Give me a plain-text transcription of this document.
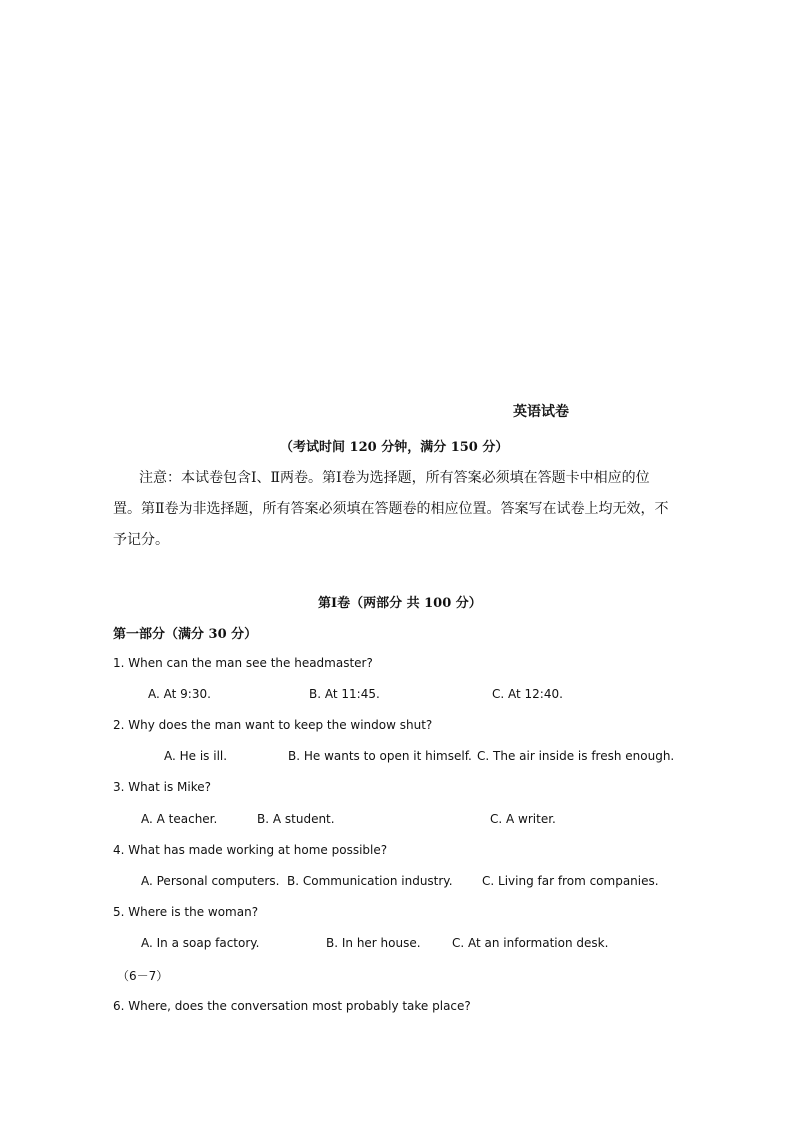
英语试卷
（考试时间 120 分钟，满分 150 分）
注意：本试卷包含Ⅰ、Ⅱ两卷。第Ⅰ卷为选择题，所有答案必须填在答题卡中相应的位
置。第Ⅱ卷为非选择题，所有答案必须填在答题卷的相应位置。答案写在试卷上均无效，不
予记分。
第Ⅰ卷（两部分 共 100 分）
第一部分（满分 30 分）
1. When can the man see the headmaster?
A. At 9:30.	B. At 11:45.	C. At 12:40.
2. Why does the man want to keep the window shut?
A. He is ill.	B. He wants to open it himself. C. The air inside is fresh enough.
3. What is Mike?
A. A teacher.	B. A student.	C. A writer.
4. What has made working at home possible?
A. Personal computers. B. Communication industry. C. Living far from companies.
5. Where is the woman?
A. In a soap factory.	B. In her house.	C. At an information desk.
（6－7）
6. Where, does the conversation most probably take place?
